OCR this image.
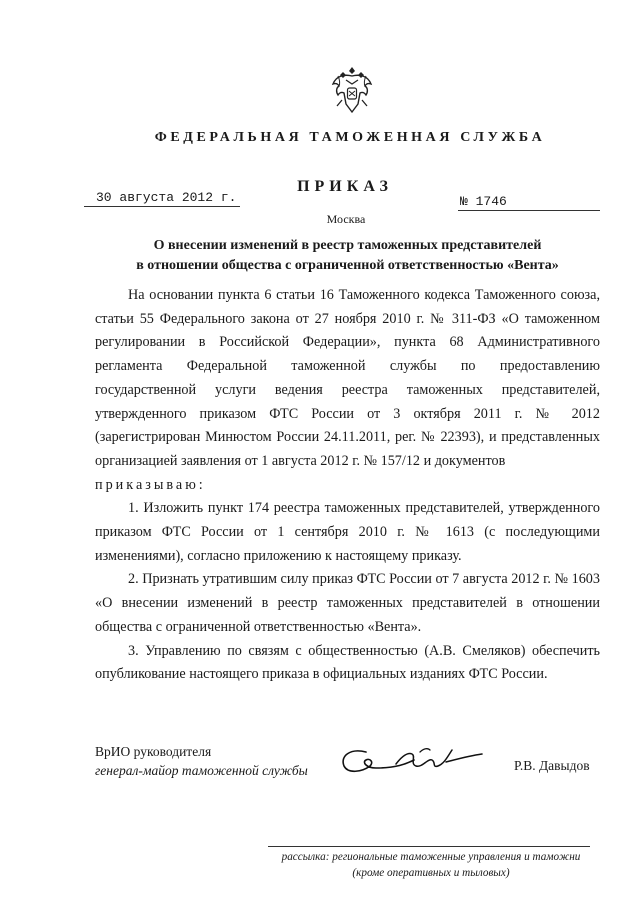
ФЕДЕРАЛЬНАЯ ТАМОЖЕННАЯ СЛУЖБА
ПРИКАЗ
30 августа 2012 г.	№ 1746
Москва
О внесении изменений в реестр таможенных представителей
в отношении общества с ограниченной ответственностью «Вента»

На основании пункта 6 статьи 16 Таможенного кодекса Таможенного союза, статьи 55 Федерального закона от 27 ноября 2010 г. № 311-ФЗ «О таможенном регулировании в Российской Федерации», пункта 68 Административного регламента Федеральной таможенной службы по предоставлению государственной услуги ведения реестра таможенных представителей, утвержденного приказом ФТС России от 3 октября 2011 г. № 2012 (зарегистрирован Минюстом России 24.11.2011, рег. № 22393), и представленных организацией заявления от 1 августа 2012 г. № 157/12 и документов

приказываю:

1. Изложить пункт 174 реестра таможенных представителей, утвержденного приказом ФТС России от 1 сентября 2010 г. № 1613 (с последующими изменениями), согласно приложению к настоящему приказу.

2. Признать утратившим силу приказ ФТС России от 7 августа 2012 г. № 1603 «О внесении изменений в реестр таможенных представителей в отношении общества с ограниченной ответственностью «Вента».

3. Управлению по связям с общественностью (А.В. Смеляков) обеспечить опубликование настоящего приказа в официальных изданиях ФТС России.

ВрИО руководителя
генерал-майор таможенной службы	Р.В. Давыдов
рассылка: региональные таможенные управления и таможни
(кроме оперативных и тыловых)
